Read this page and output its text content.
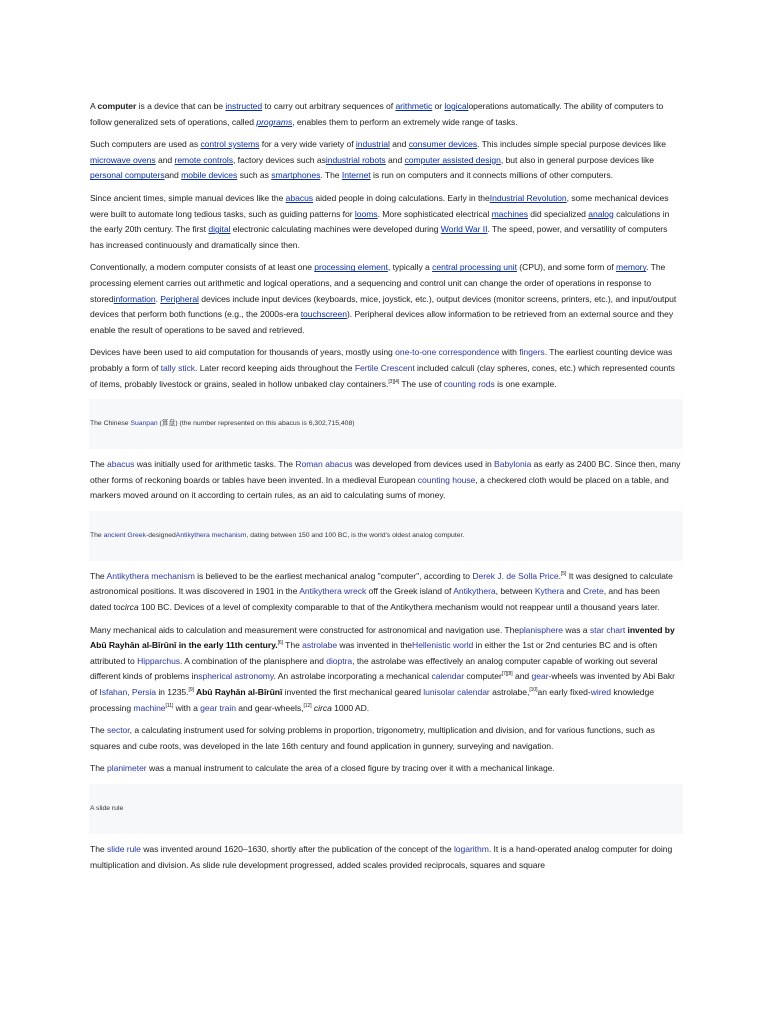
A computer is a device that can be instructed to carry out arbitrary sequences of arithmetic or logicaloperations automatically. The ability of computers to follow generalized sets of operations, called programs, enables them to perform an extremely wide range of tasks.

Such computers are used as control systems for a very wide variety of industrial and consumer devices. This includes simple special purpose devices like microwave ovens and remote controls, factory devices such asindustrial robots and computer assisted design, but also in general purpose devices like personal computersand mobile devices such as smartphones. The Internet is run on computers and it connects millions of other computers.

Since ancient times, simple manual devices like the abacus aided people in doing calculations. Early in theIndustrial Revolution, some mechanical devices were built to automate long tedious tasks, such as guiding patterns for looms. More sophisticated electrical machines did specialized analog calculations in the early 20th century. The first digital electronic calculating machines were developed during World War II. The speed, power, and versatility of computers has increased continuously and dramatically since then.

Conventionally, a modern computer consists of at least one processing element, typically a central processing unit (CPU), and some form of memory. The processing element carries out arithmetic and logical operations, and a sequencing and control unit can change the order of operations in response to storedinformation. Peripheral devices include input devices (keyboards, mice, joystick, etc.), output devices (monitor screens, printers, etc.), and input/output devices that perform both functions (e.g., the 2000s-era touchscreen). Peripheral devices allow information to be retrieved from an external source and they enable the result of operations to be saved and retrieved.

Devices have been used to aid computation for thousands of years, mostly using one-to-one correspondence with fingers. The earliest counting device was probably a form of tally stick. Later record keeping aids throughout the Fertile Crescent included calculi (clay spheres, cones, etc.) which represented counts of items, probably livestock or grains, sealed in hollow unbaked clay containers.[3][4] The use of counting rods is one example.

The Chinese Suanpan (算盘) (the number represented on this abacus is 6,302,715,408)

The abacus was initially used for arithmetic tasks. The Roman abacus was developed from devices used in Babylonia as early as 2400 BC. Since then, many other forms of reckoning boards or tables have been invented. In a medieval European counting house, a checkered cloth would be placed on a table, and markers moved around on it according to certain rules, as an aid to calculating sums of money.

The ancient Greek-designedAntikythera mechanism, dating between 150 and 100 BC, is the world's oldest analog computer.

The Antikythera mechanism is believed to be the earliest mechanical analog "computer", according to Derek J. de Solla Price.[5] It was designed to calculate astronomical positions. It was discovered in 1901 in the Antikythera wreck off the Greek island of Antikythera, between Kythera and Crete, and has been dated tocirca 100 BC. Devices of a level of complexity comparable to that of the Antikythera mechanism would not reappear until a thousand years later.

Many mechanical aids to calculation and measurement were constructed for astronomical and navigation use. Theplanisphere was a star chart invented by Abū Rayhān al-Bīrūnī in the early 11th century.[6] The astrolabe was invented in theHellenistic world in either the 1st or 2nd centuries BC and is often attributed to Hipparchus. A combination of the planisphere and dioptra, the astrolabe was effectively an analog computer capable of working out several different kinds of problems inspherical astronomy. An astrolabe incorporating a mechanical calendar computer[7][8] and gear-wheels was invented by Abi Bakr of Isfahan, Persia in 1235.[9] Abū Rayhān al-Bīrūnī invented the first mechanical geared lunisolar calendar astrolabe,[10]an early fixed-wired knowledge processing machine[11] with a gear train and gear-wheels,[12] circa 1000 AD.

The sector, a calculating instrument used for solving problems in proportion, trigonometry, multiplication and division, and for various functions, such as squares and cube roots, was developed in the late 16th century and found application in gunnery, surveying and navigation.

The planimeter was a manual instrument to calculate the area of a closed figure by tracing over it with a mechanical linkage.

A slide rule

The slide rule was invented around 1620–1630, shortly after the publication of the concept of the logarithm. It is a hand-operated analog computer for doing multiplication and division. As slide rule development progressed, added scales provided reciprocals, squares and square
